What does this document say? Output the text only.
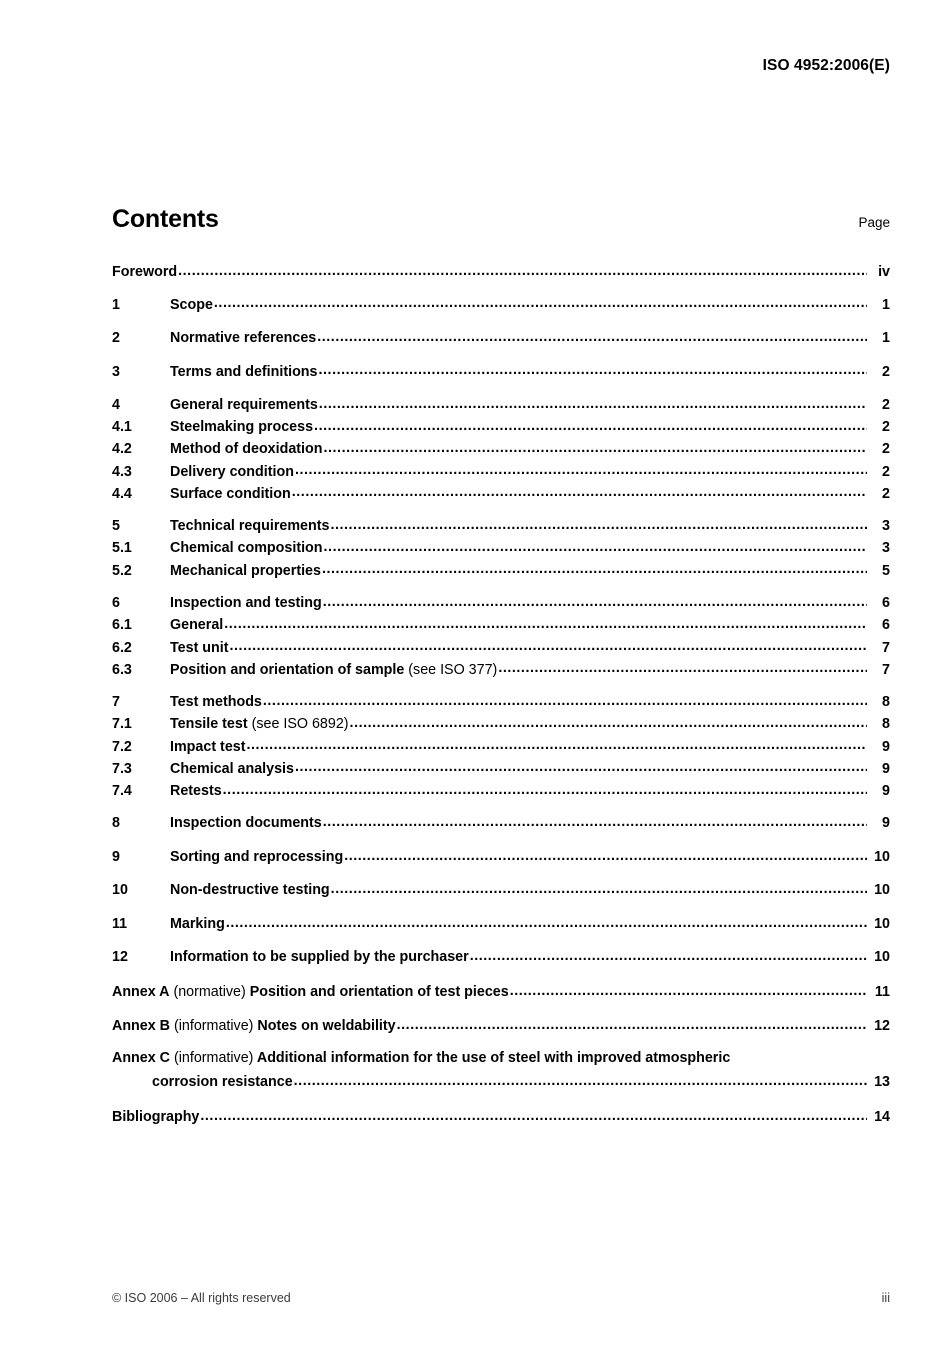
ISO 4952:2006(E)
Contents	Page
Foreword .....	iv
1	Scope .....	1
2	Normative references .....	1
3	Terms and definitions .....	2
4	General requirements .....	2
4.1	Steelmaking process .....	2
4.2	Method of deoxidation .....	2
4.3	Delivery condition .....	2
4.4	Surface condition .....	2
5	Technical requirements .....	3
5.1	Chemical composition .....	3
5.2	Mechanical properties .....	5
6	Inspection and testing .....	6
6.1	General .....	6
6.2	Test unit .....	7
6.3	Position and orientation of sample (see ISO 377) .....	7
7	Test methods .....	8
7.1	Tensile test (see ISO 6892) .....	8
7.2	Impact test .....	9
7.3	Chemical analysis .....	9
7.4	Retests .....	9
8	Inspection documents .....	9
9	Sorting and reprocessing .....	10
10	Non-destructive testing .....	10
11	Marking .....	10
12	Information to be supplied by the purchaser .....	10
Annex A (normative) Position and orientation of test pieces .....	11
Annex B (informative) Notes on weldability .....	12
Annex C (informative) Additional information for the use of steel with improved atmospheric
corrosion resistance .....	13
Bibliography .....	14
© ISO 2006 – All rights reserved	iii
